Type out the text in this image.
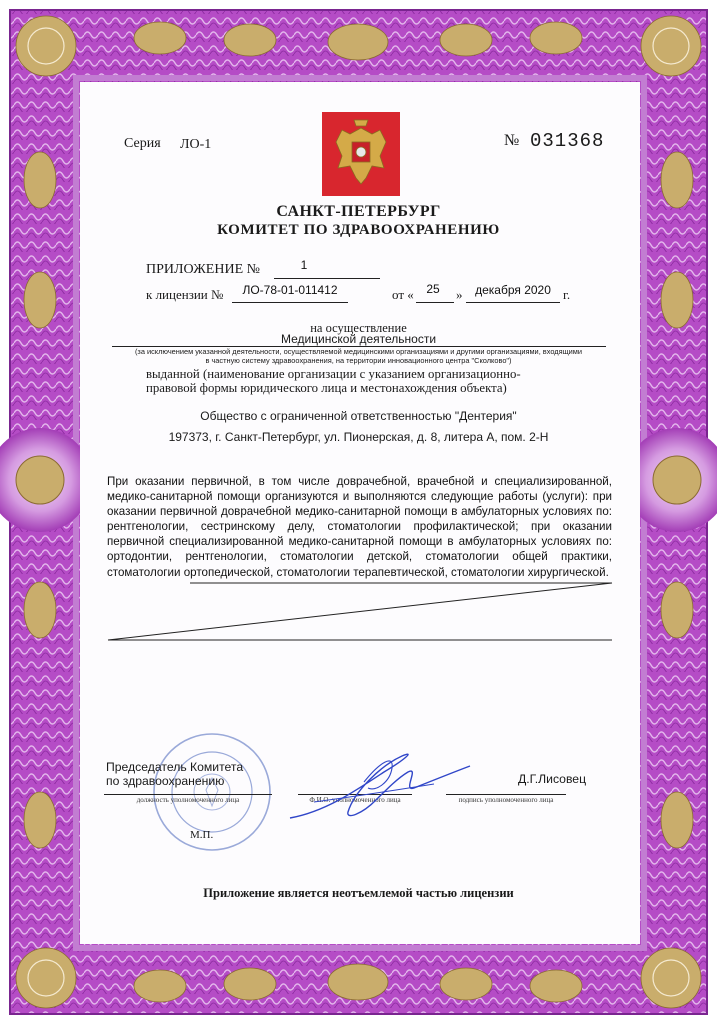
Серия ЛО-1	№ 031368
САНКТ-ПЕТЕРБУРГ
КОМИТЕТ ПО ЗДРАВООХРАНЕНИЮ
ПРИЛОЖЕНИЕ №	1
к лицензии №	ЛО-78-01-011412	от «	25	»	декабря 2020 г.
на осуществление
Медицинской деятельности
(за исключением указанной деятельности, осуществляемой медицинскими организациями и другими организациями, входящими
в частную систему здравоохранения, на территории инновационного центра "Сколково")
выданной (наименование организации с указанием организационно-
правовой формы юридического лица и местонахождения объекта)
Общество с ограниченной ответственностью "Дентерия"
197373, г. Санкт-Петербург, ул. Пионерская, д. 8, литера А, пом. 2-Н
При оказании первичной, в том числе доврачебной, врачебной и специализированной, медико-санитарной помощи организуются и выполняются следующие работы (услуги): при оказании первичной доврачебной медико-санитарной помощи в амбулаторных условиях по: рентгенологии, сестринскому делу, стоматологии профилактической; при оказании первичной специализированной медико-санитарной помощи в амбулаторных условиях по: ортодонтии, рентгенологии, стоматологии детской, стоматологии общей практики, стоматологии ортопедической, стоматологии терапевтической, стоматологии хирургической.
Председатель Комитета
по здравоохранению
должность уполномоченного лица	Ф.И.О. уполномоченного лица
Д.Г.Лисовец
подпись уполномоченного лица
М.П.
Приложение является неотъемлемой частью лицензии
